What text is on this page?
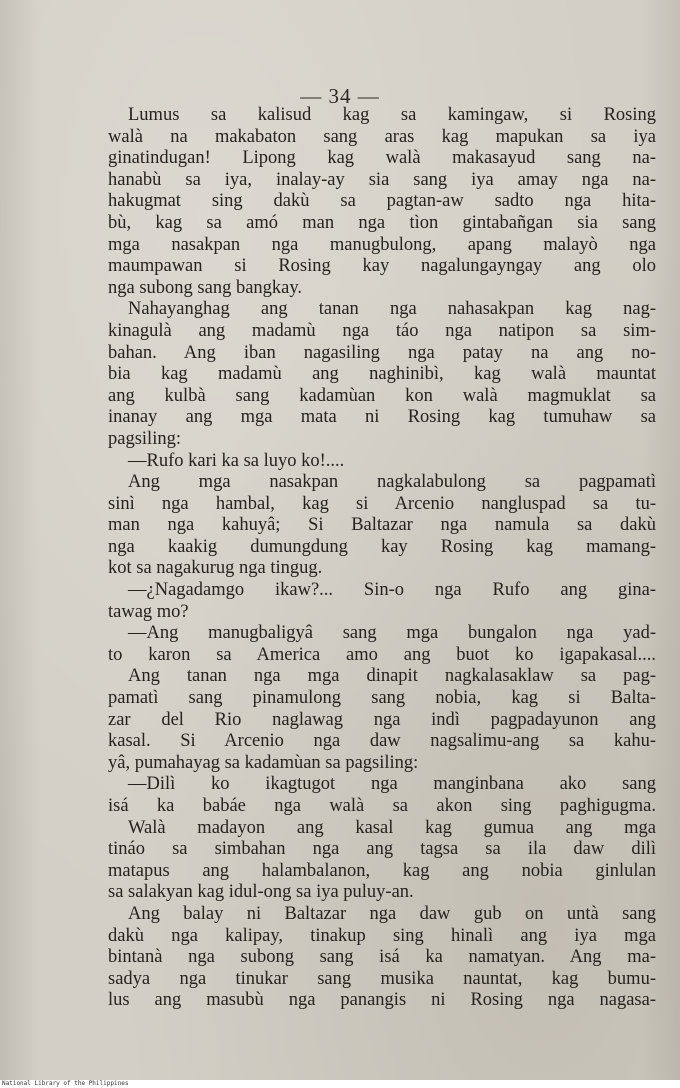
— 34 —
Lumus sa kalisud kag sa kamingaw, si Rosing
walà na makabaton sang aras kag mapukan sa iya
ginatindugan! Lipong kag walà makasayud sang na-
hanabù sa iya, inalay-ay sia sang iya amay nga na-
hakugmat sing dakù sa pagtan-aw sadto nga hita-
bù, kag sa amó man nga tìon gintabañgan sia sang
mga nasakpan nga manugbulong, apang malayò nga
maumpawan si Rosing kay nagalungayngay ang olo
nga subong sang bangkay.
Nahayanghag ang tanan nga nahasakpan kag nag-
kinagulà ang madamù nga táo nga natipon sa sim-
bahan. Ang iban nagasiling nga patay na ang no-
bia kag madamù ang naghinibì, kag walà mauntat
ang kulbà sang kadamùan kon walà magmuklat sa
inanay ang mga mata ni Rosing kag tumuhaw sa
pagsiling:
—Rufo kari ka sa luyo ko!....
Ang mga nasakpan nagkalabulong sa pagpamatì
sinì nga hambal, kag si Arcenio nangluspad sa tu-
man nga kahuyâ; Si Baltazar nga namula sa dakù
nga kaakig dumungdung kay Rosing kag mamang-
kot sa nagakurug nga tingug.
—¿Nagadamgo ikaw?... Sin-o nga Rufo ang gina-
tawag mo?
—Ang manugbaligyâ sang mga bungalon nga yad-
to karon sa America amo ang buot ko igapakasal....
Ang tanan nga mga dinapit nagkalasaklaw sa pag-
pamatì sang pinamulong sang nobia, kag si Balta-
zar del Rio naglawag nga indì pagpadayunon ang
kasal. Si Arcenio nga daw nagsalimu-ang sa kahu-
yâ, pumahayag sa kadamùan sa pagsiling:
—Dilì ko ikagtugot nga manginbana ako sang
isá ka babáe nga walà sa akon sing paghigugma.
Walà madayon ang kasal kag gumua ang mga
tináo sa simbahan nga ang tagsa sa ila daw dilì
matapus ang halambalanon, kag ang nobia ginlulan
sa salakyan kag idul-ong sa iya puluy-an.
Ang balay ni Baltazar nga daw gub on untà sang
dakù nga kalipay, tinakup sing hinalì ang iya mga
bintanà nga subong sang isá ka namatyan. Ang ma-
sadya nga tinukar sang musika nauntat, kag bumu-
lus ang masubù nga panangis ni Rosing nga nagasa-
National Library of the Philippines
